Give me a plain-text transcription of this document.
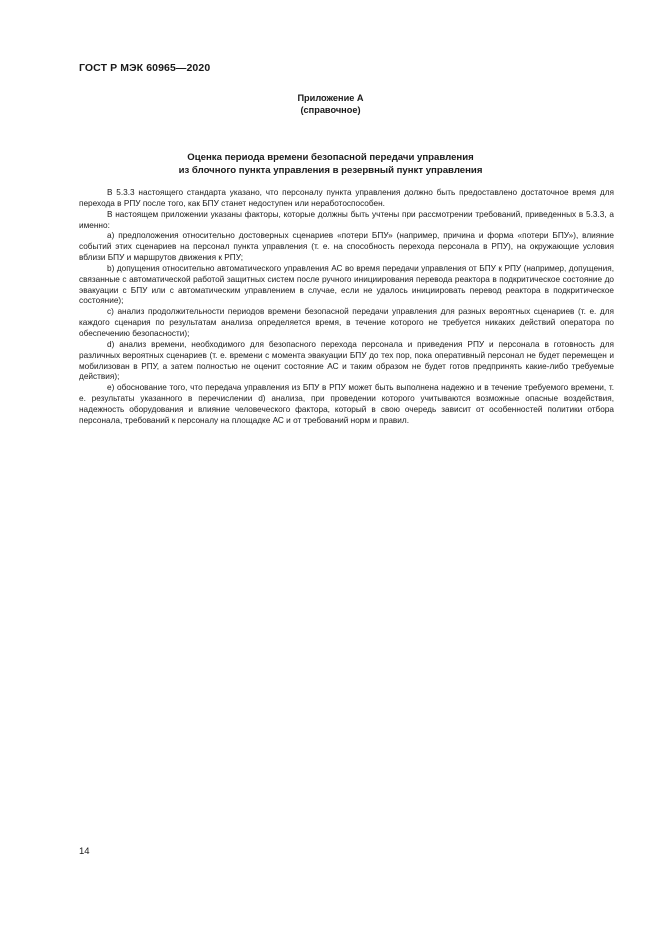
ГОСТ Р МЭК 60965—2020
Приложение А
(справочное)
Оценка периода времени безопасной передачи управления
из блочного пункта управления в резервный пункт управления

В 5.3.3 настоящего стандарта указано, что персоналу пункта управления должно быть предоставлено достаточное время для перехода в РПУ после того, как БПУ станет недоступен или неработоспособен.

В настоящем приложении указаны факторы, которые должны быть учтены при рассмотрении требований, приведенных в 5.3.3, а именно:

a) предположения относительно достоверных сценариев «потери БПУ» (например, причина и форма «потери БПУ»), влияние событий этих сценариев на персонал пункта управления (т. е. на способность перехода персонала в РПУ), на окружающие условия вблизи БПУ и маршрутов движения к РПУ;

b) допущения относительно автоматического управления АС во время передачи управления от БПУ к РПУ (например, допущения, связанные с автоматической работой защитных систем после ручного инициирования перевода реактора в подкритическое состояние до эвакуации с БПУ или с автоматическим управлением в случае, если не удалось инициировать перевод реактора в подкритическое состояние);

c) анализ продолжительности периодов времени безопасной передачи управления для разных вероятных сценариев (т. е. для каждого сценария по результатам анализа определяется время, в течение которого не требуется никаких действий оператора по обеспечению безопасности);

d) анализ времени, необходимого для безопасного перехода персонала и приведения РПУ и персонала в готовность для различных вероятных сценариев (т. е. времени с момента эвакуации БПУ до тех пор, пока оперативный персонал не будет перемещен и мобилизован в РПУ, а затем полностью не оценит состояние АС и таким образом не будет готов предпринять какие-либо требуемые действия);

e) обоснование того, что передача управления из БПУ в РПУ может быть выполнена надежно и в течение требуемого времени, т. е. результаты указанного в перечислении d) анализа, при проведении которого учитываются возможные опасные воздействия, надежность оборудования и влияние человеческого фактора, который в свою очередь зависит от особенностей политики отбора персонала, требований к персоналу на площадке АС и от требований норм и правил.

14
